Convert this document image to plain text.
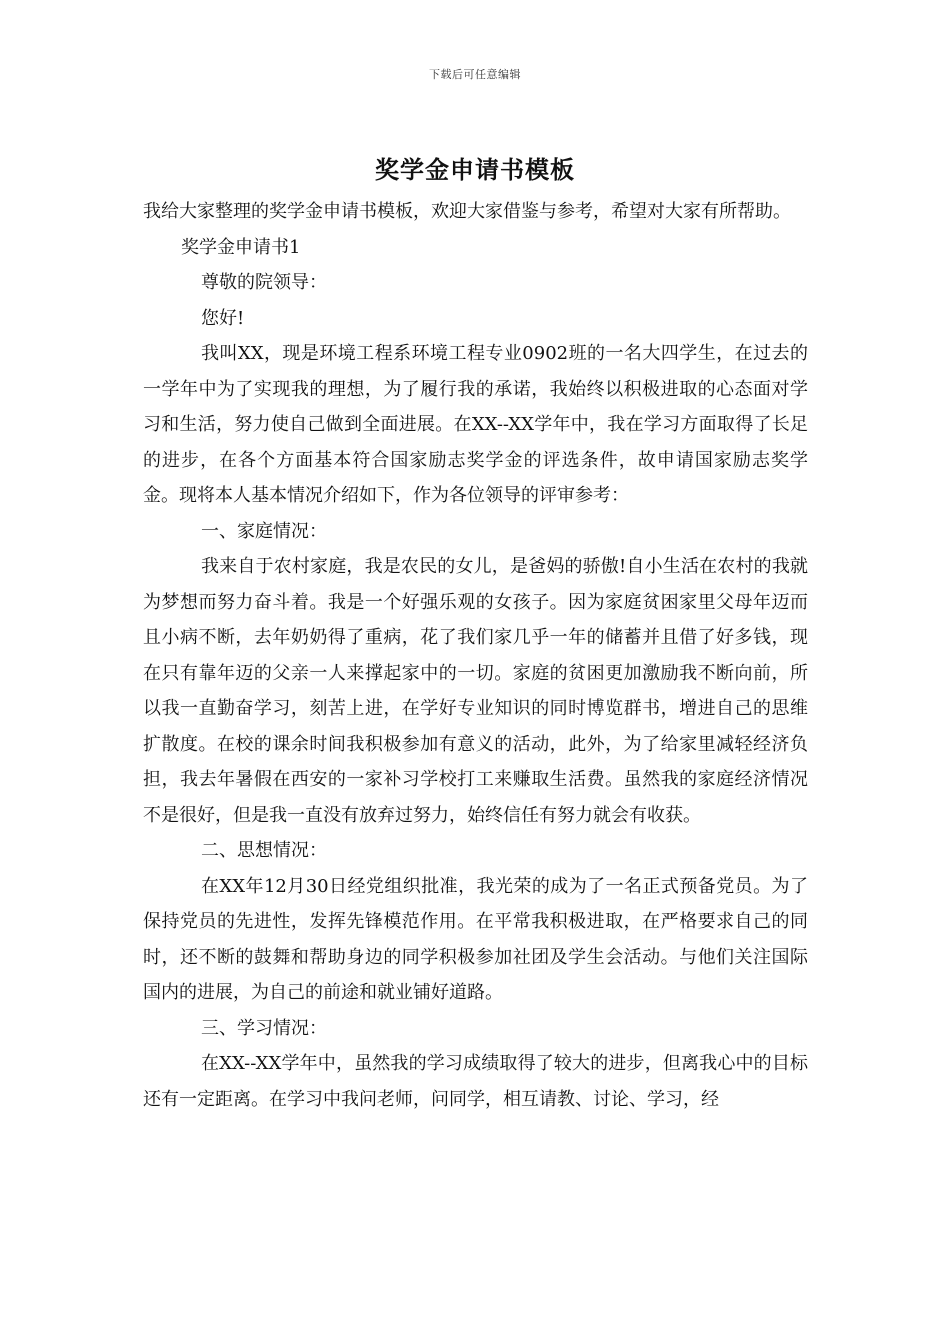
下载后可任意编辑
奖学金申请书模板

我给大家整理的奖学金申请书模板，欢迎大家借鉴与参考，希望对大家有所帮助。

奖学金申请书1

尊敬的院领导：

您好!

我叫XX，现是环境工程系环境工程专业0902班的一名大四学生，在过去的一学年中为了实现我的理想，为了履行我的承诺，我始终以积极进取的心态面对学习和生活，努力使自己做到全面进展。在XX--XX学年中，我在学习方面取得了长足的进步，在各个方面基本符合国家励志奖学金的评选条件，故申请国家励志奖学金。现将本人基本情况介绍如下，作为各位领导的评审参考：

一、家庭情况：

我来自于农村家庭，我是农民的女儿，是爸妈的骄傲!自小生活在农村的我就为梦想而努力奋斗着。我是一个好强乐观的女孩子。因为家庭贫困家里父母年迈而且小病不断，去年奶奶得了重病，花了我们家几乎一年的储蓄并且借了好多钱，现在只有靠年迈的父亲一人来撑起家中的一切。家庭的贫困更加激励我不断向前，所以我一直勤奋学习，刻苦上进，在学好专业知识的同时博览群书，增进自己的思维扩散度。在校的课余时间我积极参加有意义的活动，此外，为了给家里减轻经济负担，我去年暑假在西安的一家补习学校打工来赚取生活费。虽然我的家庭经济情况不是很好，但是我一直没有放弃过努力，始终信任有努力就会有收获。

二、思想情况：

在XX年12月30日经党组织批准，我光荣的成为了一名正式预备党员。为了保持党员的先进性，发挥先锋模范作用。在平常我积极进取，在严格要求自己的同时，还不断的鼓舞和帮助身边的同学积极参加社团及学生会活动。与他们关注国际国内的进展，为自己的前途和就业铺好道路。

三、学习情况：

在XX--XX学年中，虽然我的学习成绩取得了较大的进步，但离我心中的目标还有一定距离。在学习中我问老师，问同学，相互请教、讨论、学习，经
